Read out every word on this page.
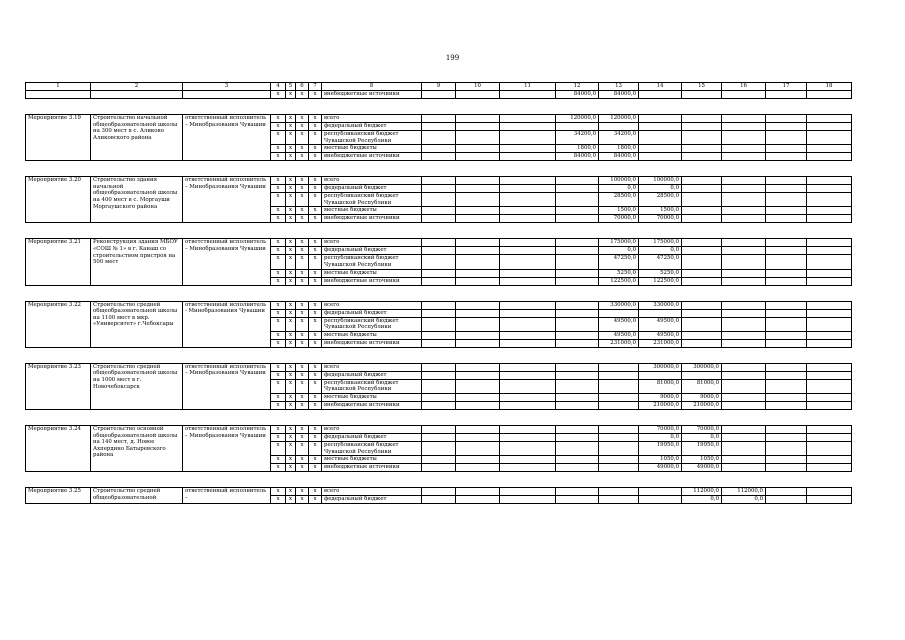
199
1	2	3	4	5	6	7	8	9	10	11	12	13	14	15	16	17	18
			x	x	x	x	внебюджетные источники				84000,0	84000,0					

Мероприятие 3.19	Строительство начальной общеобразовательной школы на 300 мест в с. Аликово Аликовского района	ответственный исполнитель – Минобразования Чувашии	x	x	x	x	всего				120000,0	120000,0					
			x	x	x	x	федеральный бюджет										
			x	x	x	x	республиканский бюджет Чувашской Республики				34200,0	34200,0					
			x	x	x	x	местные бюджеты				1800,0	1800,0					
			x	x	x	x	внебюджетные источники				84000,0	84000,0					

Мероприятие 3.20	Строительство здания начальной общеобразовательной школы на 400 мест в с. Моргауши Моргаушского района	ответственный исполнитель – Минобразования Чувашии	x	x	x	x	всего					100000,0	100000,0				
			x	x	x	x	федеральный бюджет					0,0	0,0				
			x	x	x	x	республиканский бюджет Чувашской Республики					28500,0	28500,0				
			x	x	x	x	местные бюджеты					1500,0	1500,0				
			x	x	x	x	внебюджетные источники					70000,0	70000,0				

Мероприятие 3.21	Реконструкция здания МБОУ «СОШ № 1» в г. Канаш со строительством пристроя на 500 мест	ответственный исполнитель – Минобразования Чувашии	x	x	x	x	всего					175000,0	175000,0				
			x	x	x	x	федеральный бюджет					0,0	0,0				
			x	x	x	x	республиканский бюджет Чувашской Республики					47250,0	47250,0				
			x	x	x	x	местные бюджеты					5250,0	5250,0				
			x	x	x	x	внебюджетные источники					122500,0	122500,0				

Мероприятие 3.22	Строительство средней общеобразовательной школы на 1100 мест в мкр. «Университет» г.Чебоксары	ответственный исполнитель - Минобразования Чувашии	x	x	x	x	всего					330000,0	330000,0				
			x	x	x	x	федеральный бюджет										
			x	x	x	x	республиканский бюджет Чувашской Республики					49500,0	49500,0				
			x	x	x	x	местные бюджеты					49500,0	49500,0				
			x	x	x	x	внебюджетные источники					231000,0	231000,0				

Мероприятие 3.23	Строительство средней общеобразовательной школы на 1000 мест в г. Новочебоксарск	ответственный исполнитель – Минобразования Чувашии	x	x	x	x	всего						300000,0	300000,0			
			x	x	x	x	федеральный бюджет										
			x	x	x	x	республиканский бюджет Чувашской Республики						81000,0	81000,0			
			x	x	x	x	местные бюджеты						9000,0	9000,0			
			x	x	x	x	внебюджетные источники						210000,0	210000,0			

Мероприятие 3.24	Строительство основной общеобразовательной школы на 140 мест, д. Новое Ахпердино Батыревского района	ответственный исполнитель – Минобразования Чувашии	x	x	x	x	всего						70000,0	70000,0			
			x	x	x	x	федеральный бюджет						0,0	0,0			
			x	x	x	x	республиканский бюджет Чувашской Республики						19950,0	19950,0			
			x	x	x	x	местные бюджеты						1050,0	1050,0			
			x	x	x	x	внебюджетные источники						49000,0	49000,0			

Мероприятие 3.25	Строительство средней общеобразовательной	ответственный исполнитель –	x	x	x	x	всего							112000,0	112000,0		
			x	x	x	x	федеральный бюджет							0,0	0,0		
